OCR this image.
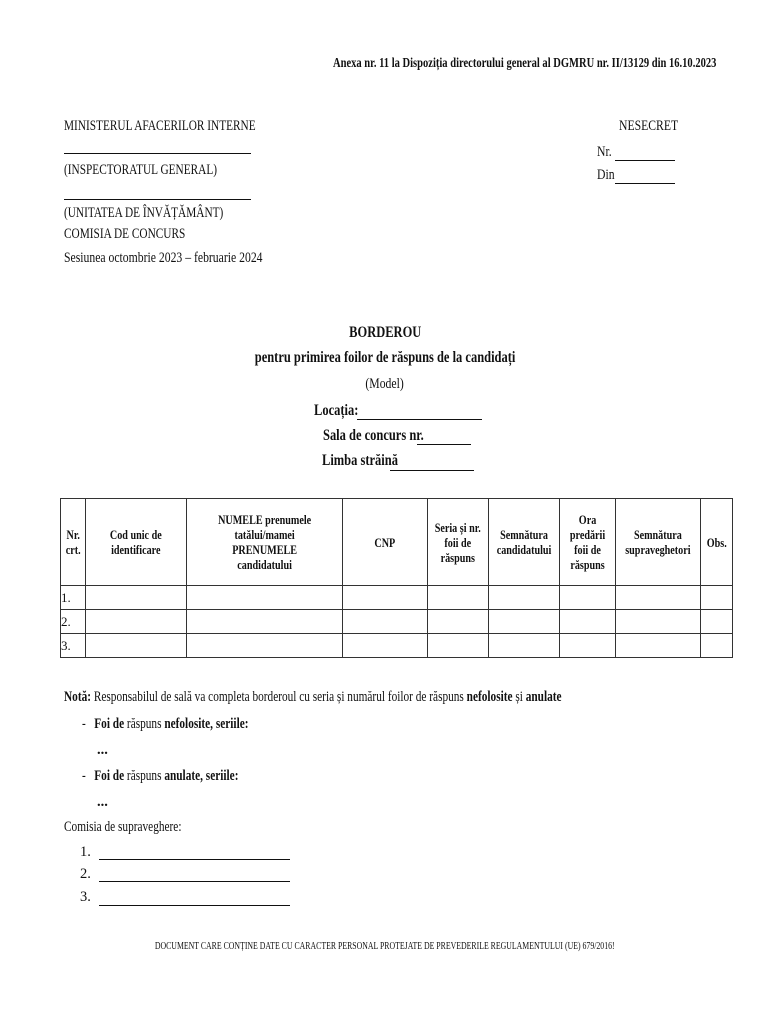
Anexa nr. 11 la Dispoziția directorului general al DGMRU nr. II/13129 din 16.10.2023
MINISTERUL AFACERILOR INTERNE
(INSPECTORATUL GENERAL)
(UNITATEA DE ÎNVĂȚĂMÂNT)
COMISIA DE CONCURS
Sesiunea octombrie 2023 – februarie 2024
NESECRET
Nr.
Din
BORDEROU
pentru primirea foilor de răspuns de la candidați
(Model)
Locația:
Sala de concurs nr.
Limba străină
Nr. crt.	Cod unic de identificare	NUMELE prenumele tatălui/mamei PRENUMELE candidatului	CNP	Seria și nr. foii de răspuns	Semnătura candidatului	Ora predării foii de răspuns	Semnătura supraveghetori	Obs.

1.								
2.								
3.								
Notă: Responsabilul de sală va completa borderoul cu seria și numărul foilor de răspuns nefolosite și anulate
-   Foi de răspuns nefolosite, seriile:
...
-   Foi de răspuns anulate, seriile:
...
Comisia de supraveghere:
1.
2.
3.
DOCUMENT CARE CONȚINE DATE CU CARACTER PERSONAL PROTEJATE DE PREVEDERILE REGULAMENTULUI (UE) 679/2016!
